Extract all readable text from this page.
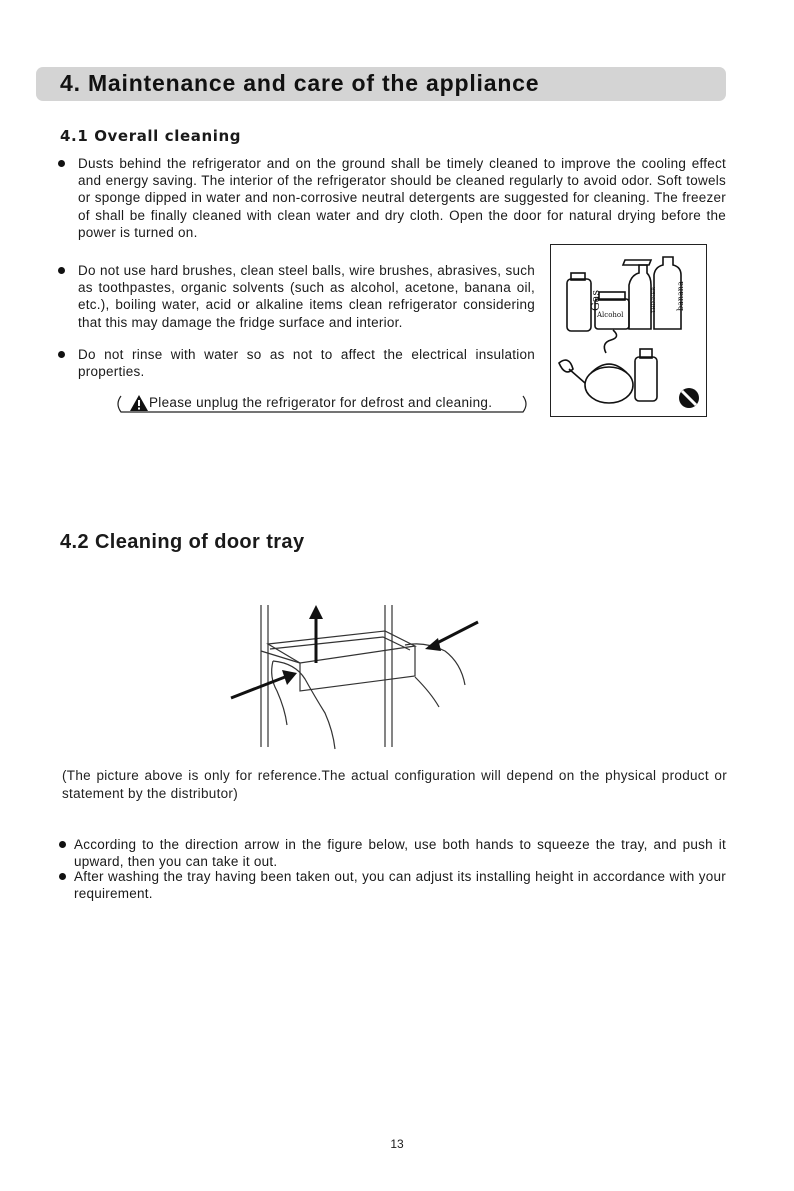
4. Maintenance and care of the appliance
4.1 Overall cleaning
Dusts behind the refrigerator and on the ground shall be timely cleaned to improve the cooling effect and energy saving. The interior of the refrigerator should be cleaned regularly to avoid odor. Soft towels or sponge dipped in water and non-corrosive neutral detergents are suggested for cleaning. The freezer of shall be finally cleaned with clean water and dry cloth. Open the door for natural drying before the power is turned on.
Do not use hard brushes, clean steel balls, wire brushes, abrasives, such as toothpastes, organic solvents (such as alcohol, acetone, banana oil, etc.), boiling water, acid or alkaline items clean refrigerator considering that this may damage the fridge surface and interior.
Do not rinse with water so as not to affect the electrical insulation properties.
Please unplug the refrigerator for defrost and cleaning.
Gas
Alcohol
THINNER banana
4.2 Cleaning of door tray

(The picture above is only for reference.The actual configuration will depend on the physical product or statement by the distributor)

According to the direction arrow in the figure below, use both hands to squeeze the tray, and push it upward, then you can take it out.
After washing the tray having been taken out, you can adjust its installing height in accordance with your requirement.
13
